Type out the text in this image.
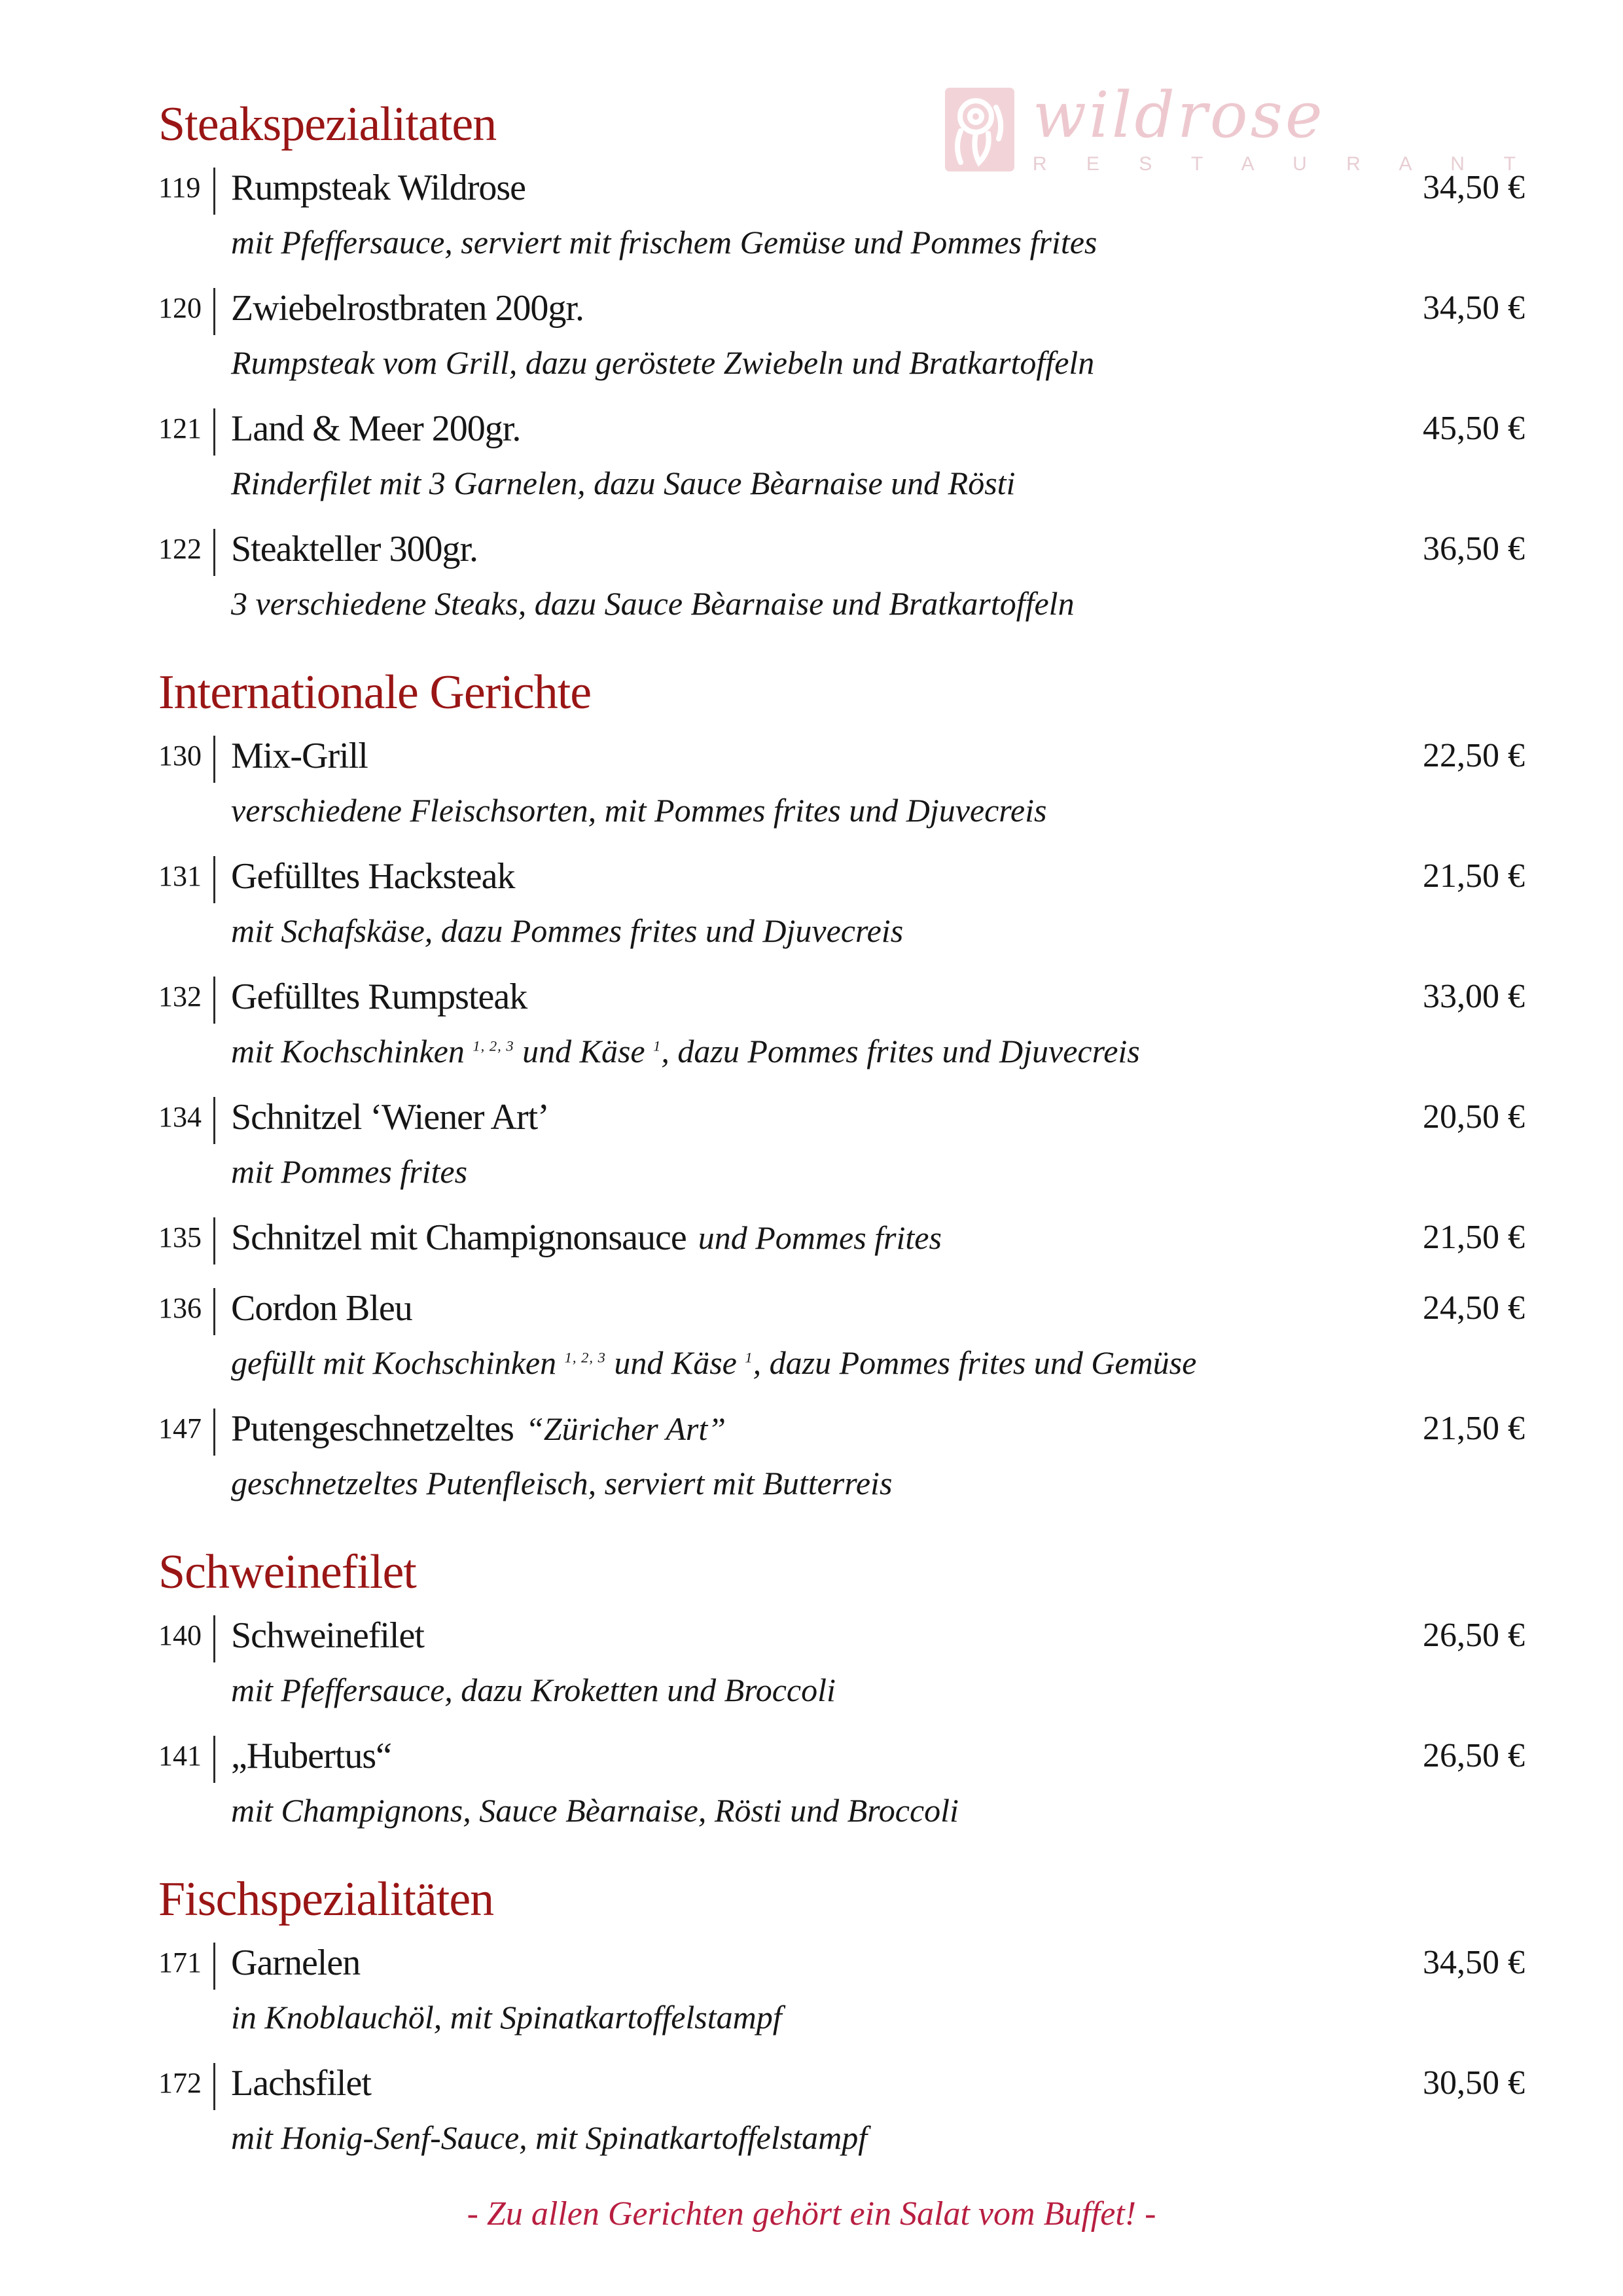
wildrose
R E S T A U R A N T
Steakspezialitaten
119 Rumpsteak Wildrose	34,50 €
mit Pfeffersauce, serviert mit frischem Gemüse und Pommes frites
120 Zwiebelrostbraten 200gr.	34,50 €
Rumpsteak vom Grill, dazu geröstete Zwiebeln und Bratkartoffeln
121 Land & Meer 200gr.	45,50 €
Rinderfilet mit 3 Garnelen, dazu Sauce Bèarnaise und Rösti
122 Steakteller 300gr.	36,50 €
3 verschiedene Steaks, dazu Sauce Bèarnaise und Bratkartoffeln
Internationale Gerichte
130 Mix-Grill	22,50 €
verschiedene Fleischsorten, mit Pommes frites und Djuvecreis
131 Gefülltes Hacksteak	21,50 €
mit Schafskäse, dazu Pommes frites und Djuvecreis
132 Gefülltes Rumpsteak	33,00 €
mit Kochschinken $^{1, 2, 3}$ und Käse $^1$, dazu Pommes frites und Djuvecreis
134 Schnitzel ‘Wiener Art’	20,50 €
mit Pommes frites
135 Schnitzel mit Champignonsauce und Pommes frites	21,50 €
136 Cordon Bleu	24,50 €
gefüllt mit Kochschinken $^{1, 2, 3}$ und Käse $^1$, dazu Pommes frites und Gemüse
147 Putengeschnetzeltes “Züricher Art”	21,50 €
geschnetzeltes Putenfleisch, serviert mit Butterreis
Schweinefilet
140 Schweinefilet	26,50 €
mit Pfeffersauce, dazu Kroketten und Broccoli
141 „Hubertus“	26,50 €
mit Champignons, Sauce Bèarnaise, Rösti und Broccoli
Fischspezialitäten
171 Garnelen	34,50 €
in Knoblauchöl, mit Spinatkartoffelstampf
172 Lachsfilet	30,50 €
mit Honig-Senf-Sauce, mit Spinatkartoffelstampf
- Zu allen Gerichten gehört ein Salat vom Buffet! -
